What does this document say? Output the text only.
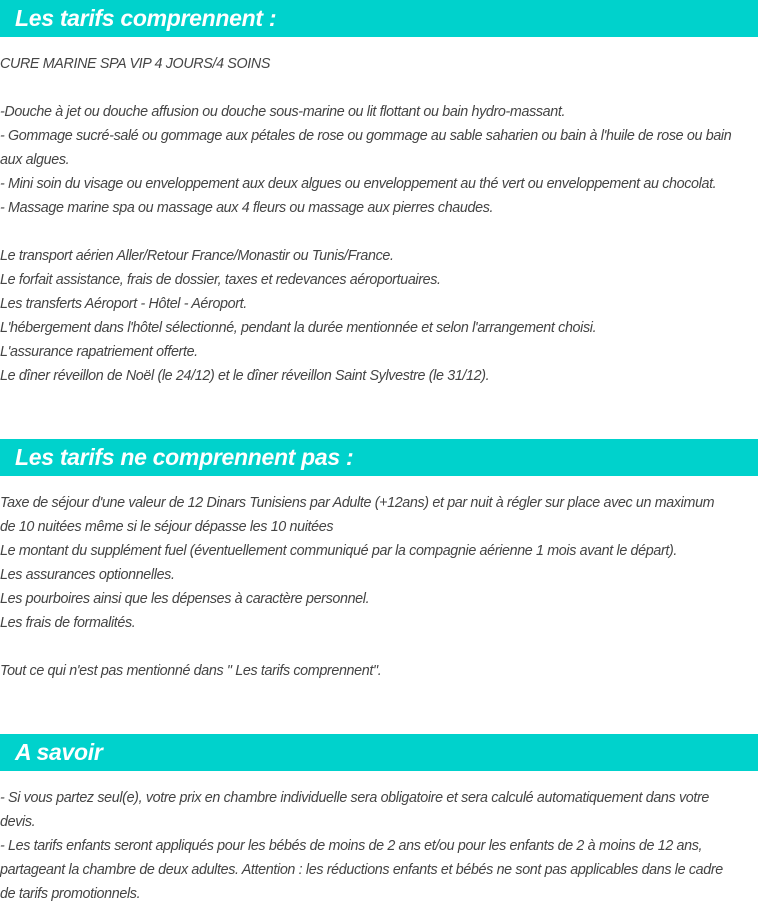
Les tarifs comprennent :
CURE MARINE SPA VIP 4 JOURS/4 SOINS
-Douche à jet ou douche affusion ou douche sous-marine ou lit flottant ou bain hydro-massant.
- Gommage sucré-salé ou gommage aux pétales de rose ou gommage au sable saharien ou bain à l'huile de rose ou bain
aux algues.
- Mini soin du visage ou enveloppement aux deux algues ou enveloppement au thé vert ou enveloppement au chocolat.
- Massage marine spa ou massage aux 4 fleurs ou massage aux pierres chaudes.
Le transport aérien Aller/Retour France/Monastir ou Tunis/France.
Le forfait assistance, frais de dossier, taxes et redevances aéroportuaires.
Les transferts Aéroport - Hôtel - Aéroport.
L'hébergement dans l'hôtel sélectionné, pendant la durée mentionnée et selon l'arrangement choisi.
L'assurance rapatriement offerte.
Le dîner réveillon de Noël (le 24/12) et le dîner réveillon Saint Sylvestre (le 31/12).
Les tarifs ne comprennent pas :
Taxe de séjour d'une valeur de 12 Dinars Tunisiens par Adulte (+12ans) et par nuit à régler sur place avec un maximum
de 10 nuitées même si le séjour dépasse les 10 nuitées
Le montant du supplément fuel (éventuellement communiqué par la compagnie aérienne 1 mois avant le départ).
Les assurances optionnelles.
Les pourboires ainsi que les dépenses à caractère personnel.
Les frais de formalités.
Tout ce qui n'est pas mentionné dans " Les tarifs comprennent".
A savoir
- Si vous partez seul(e), votre prix en chambre individuelle sera obligatoire et sera calculé automatiquement dans votre
devis.
- Les tarifs enfants seront appliqués pour les bébés de moins de 2 ans et/ou pour les enfants de 2 à moins de 12 ans,
partageant la chambre de deux adultes. Attention : les réductions enfants et bébés ne sont pas applicables dans le cadre
de tarifs promotionnels.
